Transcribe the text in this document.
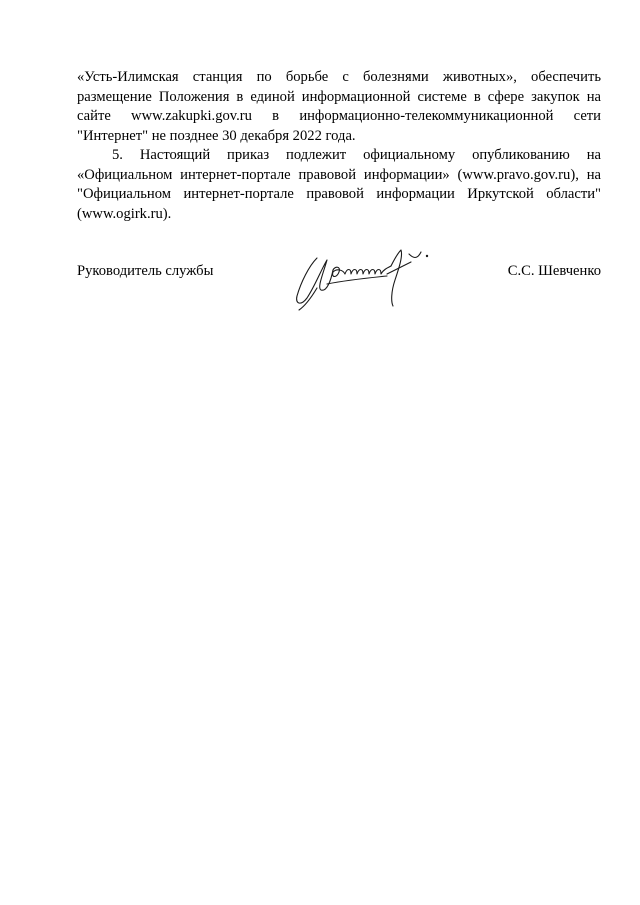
«Усть-Илимская станция по борьбе с болезнями животных», обеспечить размещение Положения в единой информационной системе в сфере закупок на сайте www.zakupki.gov.ru в информационно-телекоммуникационной сети "Интернет" не позднее 30 декабря 2022 года.

5. Настоящий приказ подлежит официальному опубликованию на «Официальном интернет-портале правовой информации» (www.pravo.gov.ru), на "Официальном интернет-портале правовой информации Иркутской области" (www.ogirk.ru).

Руководитель службы	С.С. Шевченко
